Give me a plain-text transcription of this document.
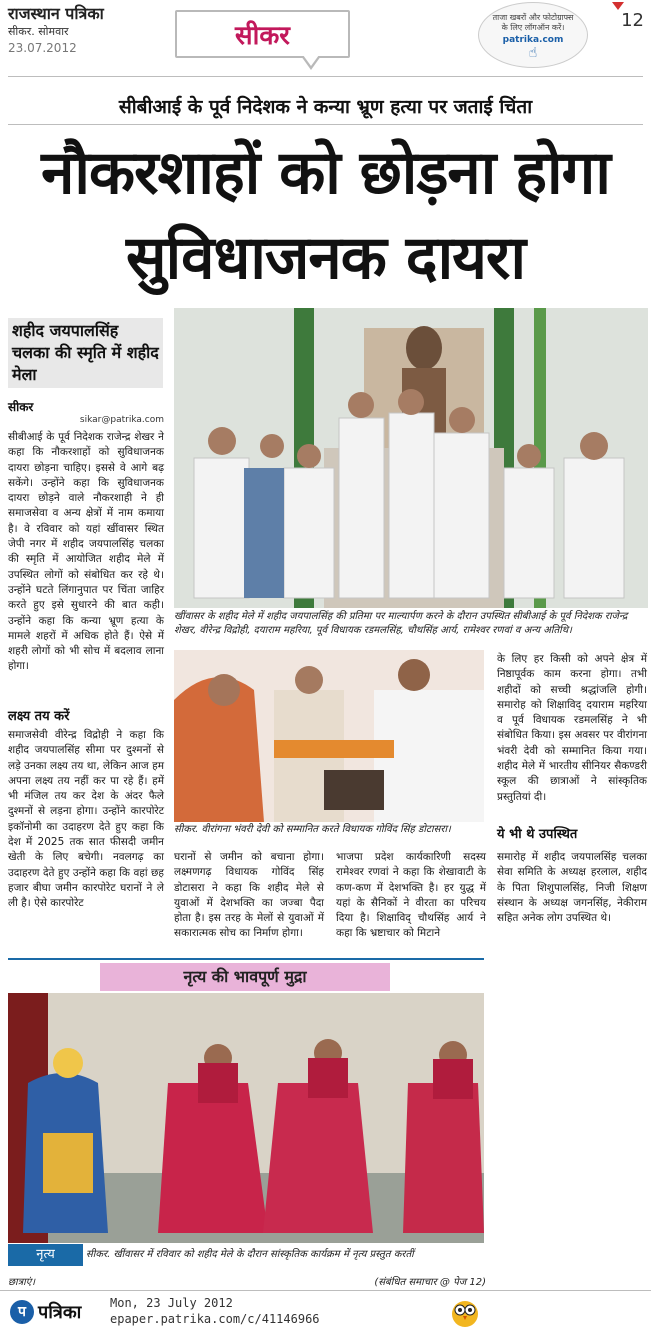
राजस्थान पत्रिका
सीकर. सोमवार
23.07.2012	सीकर
ताजा खबरों और फोटोग्राफ्स
के लिए लॉगऑन करें।
patrika.com
☝
12
सीबीआई के पूर्व निदेशक ने कन्या भ्रूण हत्या पर जताई चिंता
नौकरशाहों को छोड़ना होगा
सुविधाजनक दायरा
शहीद जयपालसिंह चलका की स्मृति में शहीद मेला
सीकर
sikar@patrika.com
सीबीआई के पूर्व निदेशक राजेन्द्र शेखर ने कहा कि नौकरशाहों को सुविधाजनक दायरा छोड़ना चाहिए। इससे वे आगे बढ़ सकेंगे। उन्होंने कहा कि सुविधाजनक दायरा छोड़ने वाले नौकरशाही ने ही समाजसेवा व अन्य क्षेत्रों में नाम कमाया है। वे रविवार को यहां खींवासर स्थित जेपी नगर में शहीद जयपालसिंह चलका की स्मृति में आयोजित शहीद मेले में उपस्थित लोगों को संबोधित कर रहे थे। उन्होंने घटते लिंगानुपात पर चिंता जाहिर करते हुए इसे सुधारने की बात कही। उन्होंने कहा कि कन्या भ्रूण हत्या के मामले शहरों में अधिक होते हैं। ऐसे में शहरी लोगों को भी सोच में बदलाव लाना होगा।
लक्ष्य तय करें
समाजसेवी वीरेन्द्र विद्रोही ने कहा कि शहीद जयपालसिंह सीमा पर दुश्मनों से लड़े उनका लक्ष्य तय था, लेकिन आज हम अपना लक्ष्य तय नहीं कर पा रहे हैं। हमें भी मंजिल तय कर देश के अंदर फैले दुश्मनों से लड़ना होगा। उन्होंने कारपोरेट इकॉनोमी का उदाहरण देते हुए कहा कि देश में 2025 तक सात फीसदी जमीन खेती के लिए बचेगी। नवलगढ़ का उदाहरण देते हुए उन्होंने कहा कि वहां छह हजार बीघा जमीन कारपोरेट घरानों ने ले ली है। ऐसे कारपोरेट
खींवासर के शहीद मेले में शहीद जयपालसिंह की प्रतिमा पर माल्यार्पण करने के दौरान उपस्थित सीबीआई के पूर्व निदेशक राजेन्द्र शेखर, वीरेन्द्र विद्रोही, दयाराम महरिया, पूर्व विधायक रडमलसिंह, चौथसिंह आर्य, रामेश्वर रणवां व अन्य अतिथि।
सीकर. वीरांगना भंवरी देवी को सम्मानित करते विधायक गोविंद सिंह डोटासरा।
के लिए हर किसी को अपने क्षेत्र में निष्ठापूर्वक काम करना होगा। तभी शहीदों को सच्ची श्रद्धांजलि होगी। समारोह को शिक्षाविद् दयाराम महरिया व पूर्व विधायक रडमलसिंह ने भी संबोधित किया। इस अवसर पर वीरांगना भंवरी देवी को सम्मानित किया गया। शहीद मेले में भारतीय सीनियर सैकण्डरी स्कूल की छात्राओं ने सांस्कृतिक प्रस्तुतियां दी।
ये भी थे उपस्थित
समारोह में शहीद जयपालसिंह चलका सेवा समिति के अध्यक्ष हरलाल, शहीद के पिता शिशुपालसिंह, निजी शिक्षण संस्थान के अध्यक्ष जगनसिंह, नेकीराम सहित अनेक लोग उपस्थित थे।
घरानों से जमीन को बचाना होगा। लक्ष्मणगढ़ विधायक गोविंद सिंह डोटासरा ने कहा कि शहीद मेले से युवाओं में देशभक्ति का जज्बा पैदा होता है। इस तरह के मेलों से युवाओं में सकारात्मक सोच का निर्माण होगा।
भाजपा प्रदेश कार्यकारिणी सदस्य रामेश्वर रणवां ने कहा कि शेखावाटी के कण-कण में देशभक्ति है। हर युद्ध में यहां के सैनिकों ने वीरता का परिचय दिया है। शिक्षाविद् चौथसिंह आर्य ने कहा कि भ्रष्टाचार को मिटाने
नृत्य की भावपूर्ण मुद्रा
नृत्य	सीकर. खींवासर में रविवार को शहीद मेले के दौरान सांस्कृतिक कार्यक्रम में नृत्य प्रस्तुत करतीं
छात्राएं।	(संबंधित समाचार @ पेज 12)
प पत्रिका Mon, 23 July 2012
epaper.patrika.com/c/41146966
